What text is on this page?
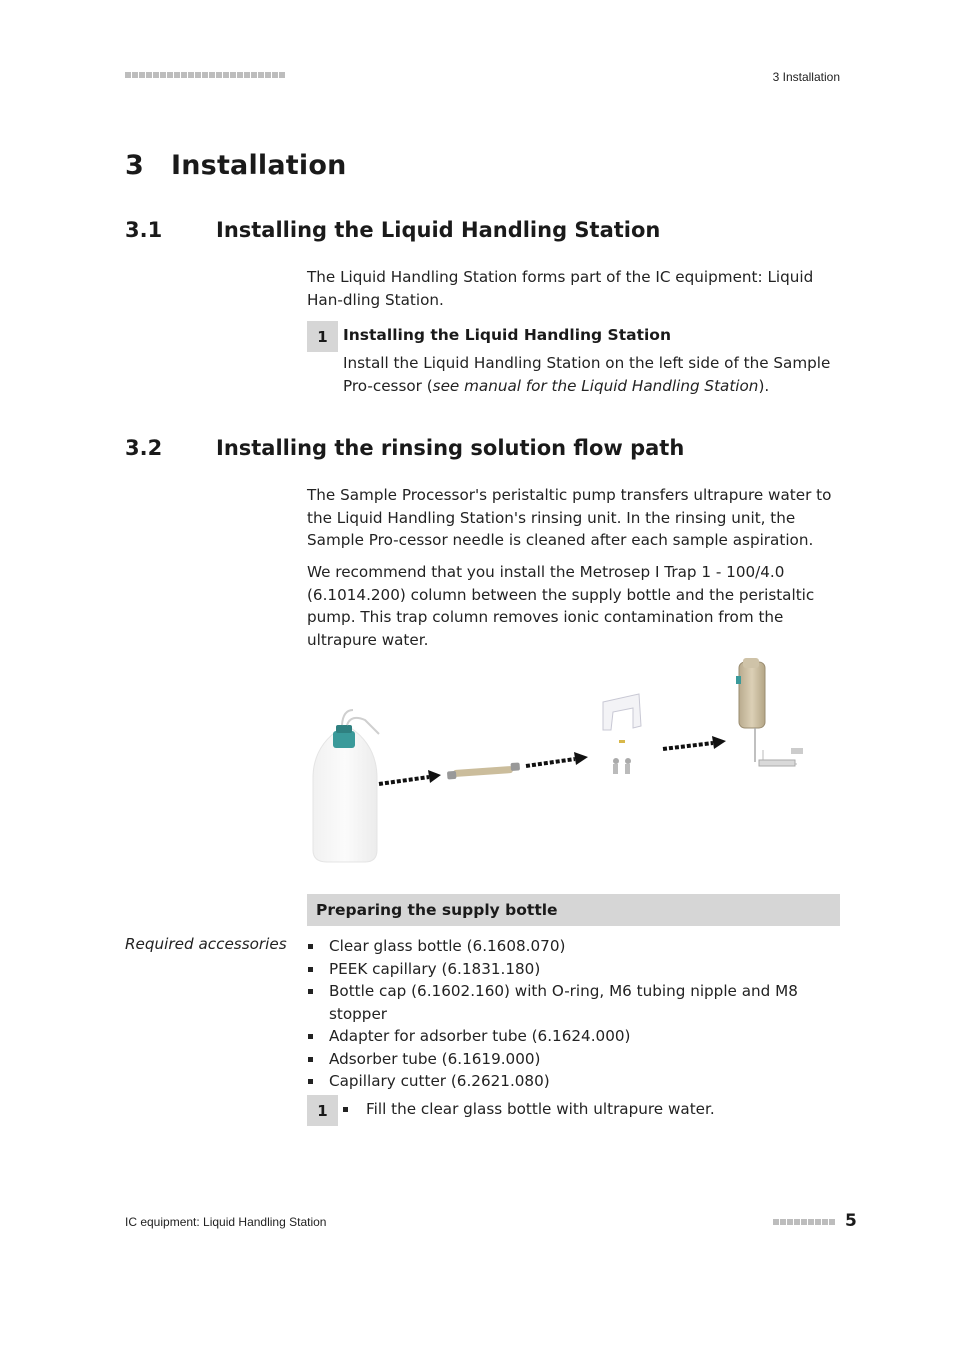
3 Installation
3 Installation
3.1	Installing the Liquid Handling Station
The Liquid Handling Station forms part of the IC equipment: Liquid Han-dling Station.
1 Installing the Liquid Handling Station
Install the Liquid Handling Station on the left side of the Sample Pro-cessor (see manual for the Liquid Handling Station).
3.2	Installing the rinsing solution flow path
The Sample Processor's peristaltic pump transfers ultrapure water to the Liquid Handling Station's rinsing unit. In the rinsing unit, the Sample Pro-cessor needle is cleaned after each sample aspiration.
We recommend that you install the Metrosep I Trap 1 - 100/4.0 (6.1014.200) column between the supply bottle and the peristaltic pump. This trap column removes ionic contamination from the ultrapure water.
Preparing the supply bottle
Required accessories	Clear glass bottle (6.1608.070)
PEEK capillary (6.1831.180)
Bottle cap (6.1602.160) with O-ring, M6 tubing nipple and M8 stopper
Adapter for adsorber tube (6.1624.000)
Adsorber tube (6.1619.000)
Capillary cutter (6.2621.080)
1	Fill the clear glass bottle with ultrapure water.
IC equipment: Liquid Handling Station	5
